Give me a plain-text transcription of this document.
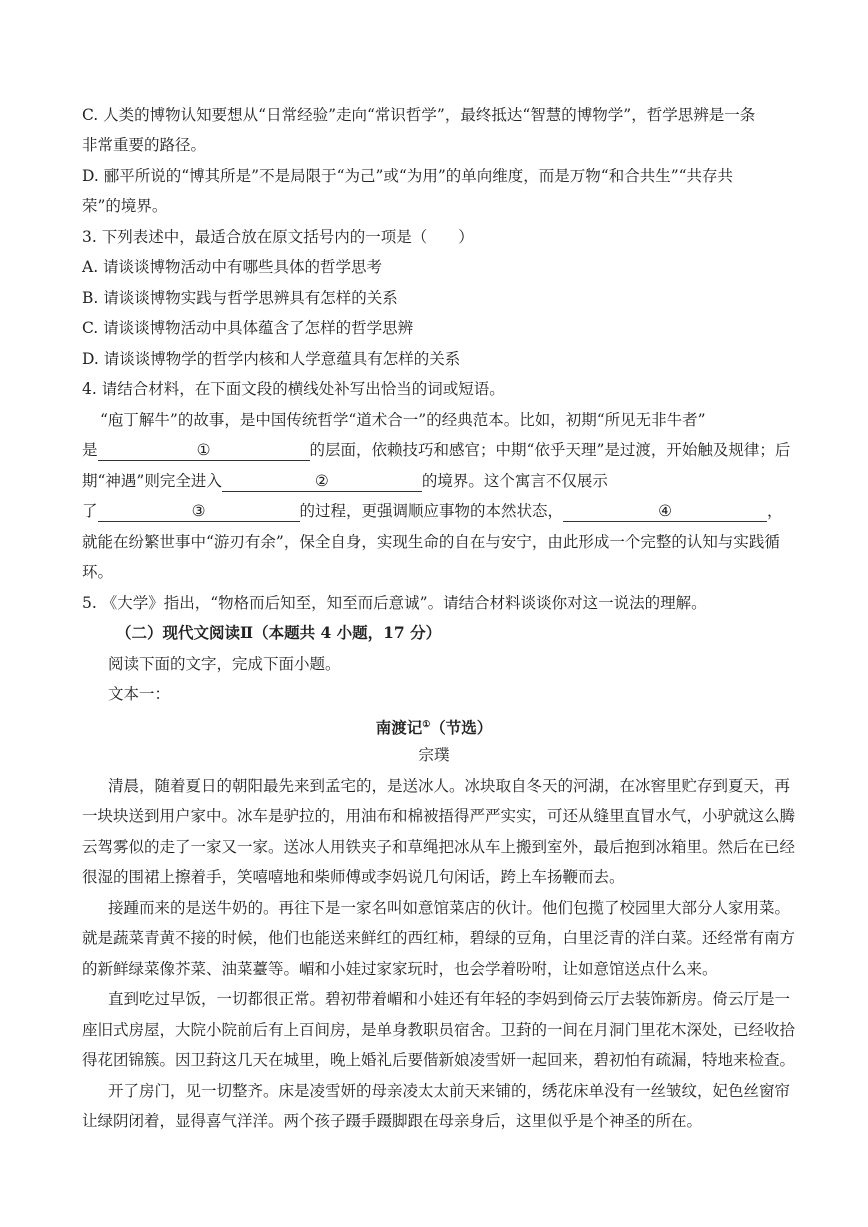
C. 人类的博物认知要想从“日常经验”走向“常识哲学”，最终抵达“智慧的博物学”，哲学思辨是一条
非常重要的路径。
D. 郦平所说的“博其所是”不是局限于“为己”或“为用”的单向维度，而是万物“和合共生”“共存共
荣”的境界。
3. 下列表述中，最适合放在原文括号内的一项是（　　）
A. 请谈谈博物活动中有哪些具体的哲学思考
B. 请谈谈博物实践与哲学思辨具有怎样的关系
C. 请谈谈博物活动中具体蕴含了怎样的哲学思辨
D. 请谈谈博物学的哲学内核和人学意蕴具有怎样的关系
4. 请结合材料，在下面文段的横线处补写出恰当的词或短语。
“庖丁解牛”的故事，是中国传统哲学“道术合一”的经典范本。比如，初期“所见无非牛者”
是	①	的层面，依赖技巧和感官；中期“依乎天理”是过渡，开始触及规律；后
期“神遇”则完全进入	②	的境界。这个寓言不仅展示
了	③	的过程，更强调顺应事物的本然状态，	④	，
就能在纷繁世事中“游刃有余”，保全自身，实现生命的自在与安宁，由此形成一个完整的认知与实践循
环。
5. 《大学》指出，“物格而后知至，知至而后意诚”。请结合材料谈谈你对这一说法的理解。
（二）现代文阅读Ⅱ（本题共 4 小题，17 分）
阅读下面的文字，完成下面小题。
文本一：
南渡记①（节选）
宗璞
清晨，随着夏日的朝阳最先来到孟宅的，是送冰人。冰块取自冬天的河湖，在冰窖里贮存到夏天，再
一块块送到用户家中。冰车是驴拉的，用油布和棉被捂得严严实实，可还从缝里直冒水气，小驴就这么腾
云驾雾似的走了一家又一家。送冰人用铁夹子和草绳把冰从车上搬到室外，最后抱到冰箱里。然后在已经
很湿的围裙上擦着手，笑嘻嘻地和柴师傅或李妈说几句闲话，跨上车扬鞭而去。
接踵而来的是送牛奶的。再往下是一家名叫如意馆菜店的伙计。他们包揽了校园里大部分人家用菜。
就是蔬菜青黄不接的时候，他们也能送来鲜红的西红柿，碧绿的豆角，白里泛青的洋白菜。还经常有南方
的新鲜绿菜像芥菜、油菜薹等。嵋和小娃过家家玩时，也会学着吩咐，让如意馆送点什么来。
直到吃过早饭，一切都很正常。碧初带着嵋和小娃还有年轻的李妈到倚云厅去装饰新房。倚云厅是一
座旧式房屋，大院小院前后有上百间房，是单身教职员宿舍。卫葑的一间在月洞门里花木深处，已经收拾
得花团锦簇。因卫葑这几天在城里，晚上婚礼后要偕新娘凌雪妍一起回来，碧初怕有疏漏，特地来检查。
开了房门，见一切整齐。床是凌雪妍的母亲凌太太前天来铺的，绣花床单没有一丝皱纹，妃色丝窗帘
让绿阴闭着，显得喜气洋洋。两个孩子蹑手蹑脚跟在母亲身后，这里似乎是个神圣的所在。
